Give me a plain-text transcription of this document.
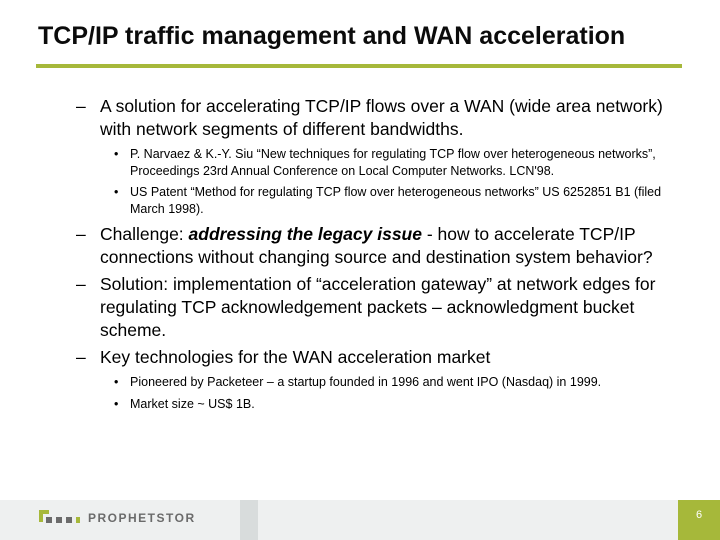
TCP/IP traffic management and WAN acceleration
– A solution for accelerating TCP/IP flows over a WAN (wide area network) with network segments of different bandwidths.
• P. Narvaez & K.-Y. Siu “New techniques for regulating TCP flow over heterogeneous networks”, Proceedings 23rd Annual Conference on Local Computer Networks. LCN'98.
• US Patent “Method for regulating TCP flow over heterogeneous networks” US 6252851 B1 (filed March 1998).
– Challenge: addressing the legacy issue - how to accelerate TCP/IP connections without changing source and destination system behavior?
– Solution: implementation of “acceleration gateway” at network edges for regulating TCP acknowledgement packets – acknowledgment bucket scheme.
– Key technologies for the WAN acceleration market
• Pioneered by Packeteer – a startup founded in 1996 and went IPO (Nasdaq) in 1999.
• Market size ~ US$ 1B.
PROPHETSTOR	6
